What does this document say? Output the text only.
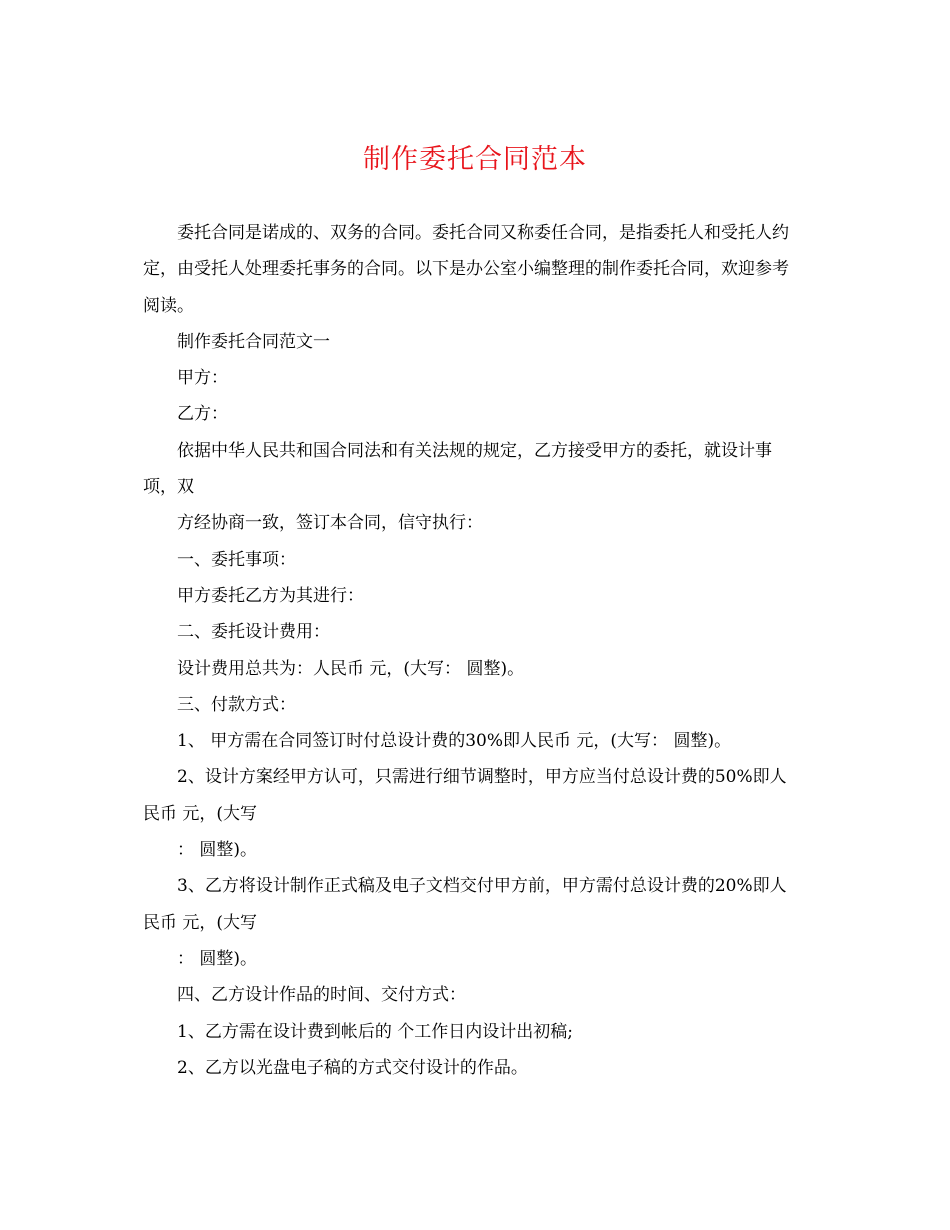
制作委托合同范本

委托合同是诺成的、双务的合同。委托合同又称委任合同，是指委托人和受托人约定，由受托人处理委托事务的合同。以下是办公室小编整理的制作委托合同，欢迎参考阅读。

制作委托合同范文一

甲方：

乙方：

依据中华人民共和国合同法和有关法规的规定，乙方接受甲方的委托，就设计事项，双

方经协商一致，签订本合同，信守执行：

一、委托事项：

甲方委托乙方为其进行：

二、委托设计费用：

设计费用总共为：人民币 元，(大写： 圆整)。

三、付款方式：

1、 甲方需在合同签订时付总设计费的30%即人民币 元，(大写： 圆整)。

2、设计方案经甲方认可，只需进行细节调整时，甲方应当付总设计费的50%即人民币 元，(大写

： 圆整)。

3、乙方将设计制作正式稿及电子文档交付甲方前，甲方需付总设计费的20%即人民币 元，(大写

： 圆整)。

四、乙方设计作品的时间、交付方式：

1、乙方需在设计费到帐后的 个工作日内设计出初稿;

2、乙方以光盘电子稿的方式交付设计的作品。
